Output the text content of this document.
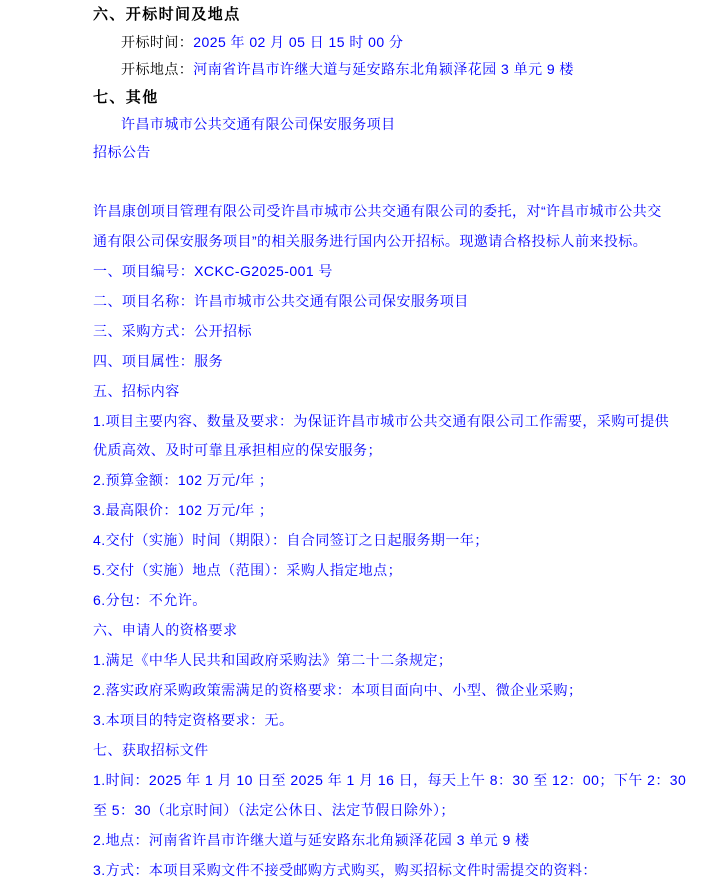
六、开标时间及地点
开标时间：2025 年 02 月 05 日 15 时 00 分
开标地点：河南省许昌市许继大道与延安路东北角颍泽花园 3 单元 9 楼
七、其他
许昌市城市公共交通有限公司保安服务项目
招标公告
许昌康创项目管理有限公司受许昌市城市公共交通有限公司的委托，对“许昌市城市公共交
通有限公司保安服务项目”的相关服务进行国内公开招标。现邀请合格投标人前来投标。
一、项目编号：XCKC-G2025-001 号
二、项目名称：许昌市城市公共交通有限公司保安服务项目
三、采购方式：公开招标
四、项目属性：服务
五、招标内容
1.项目主要内容、数量及要求：为保证许昌市城市公共交通有限公司工作需要，采购可提供
优质高效、及时可靠且承担相应的保安服务；
2.预算金额：102 万元/年 ；
3.最高限价：102 万元/年 ；
4.交付（实施）时间（期限）：自合同签订之日起服务期一年；
5.交付（实施）地点（范围）：采购人指定地点；
6.分包：不允许。
六、申请人的资格要求
1.满足《中华人民共和国政府采购法》第二十二条规定；
2.落实政府采购政策需满足的资格要求：本项目面向中、小型、微企业采购；
3.本项目的特定资格要求：无。
七、获取招标文件
1.时间：2025 年 1 月 10 日至 2025 年 1 月 16 日，每天上午 8：30 至 12：00；下午 2：30
至 5：30（北京时间）（法定公休日、法定节假日除外）；
2.地点：河南省许昌市许继大道与延安路东北角颍泽花园 3 单元 9 楼
3.方式：本项目采购文件不接受邮购方式购买，购买招标文件时需提交的资料：
